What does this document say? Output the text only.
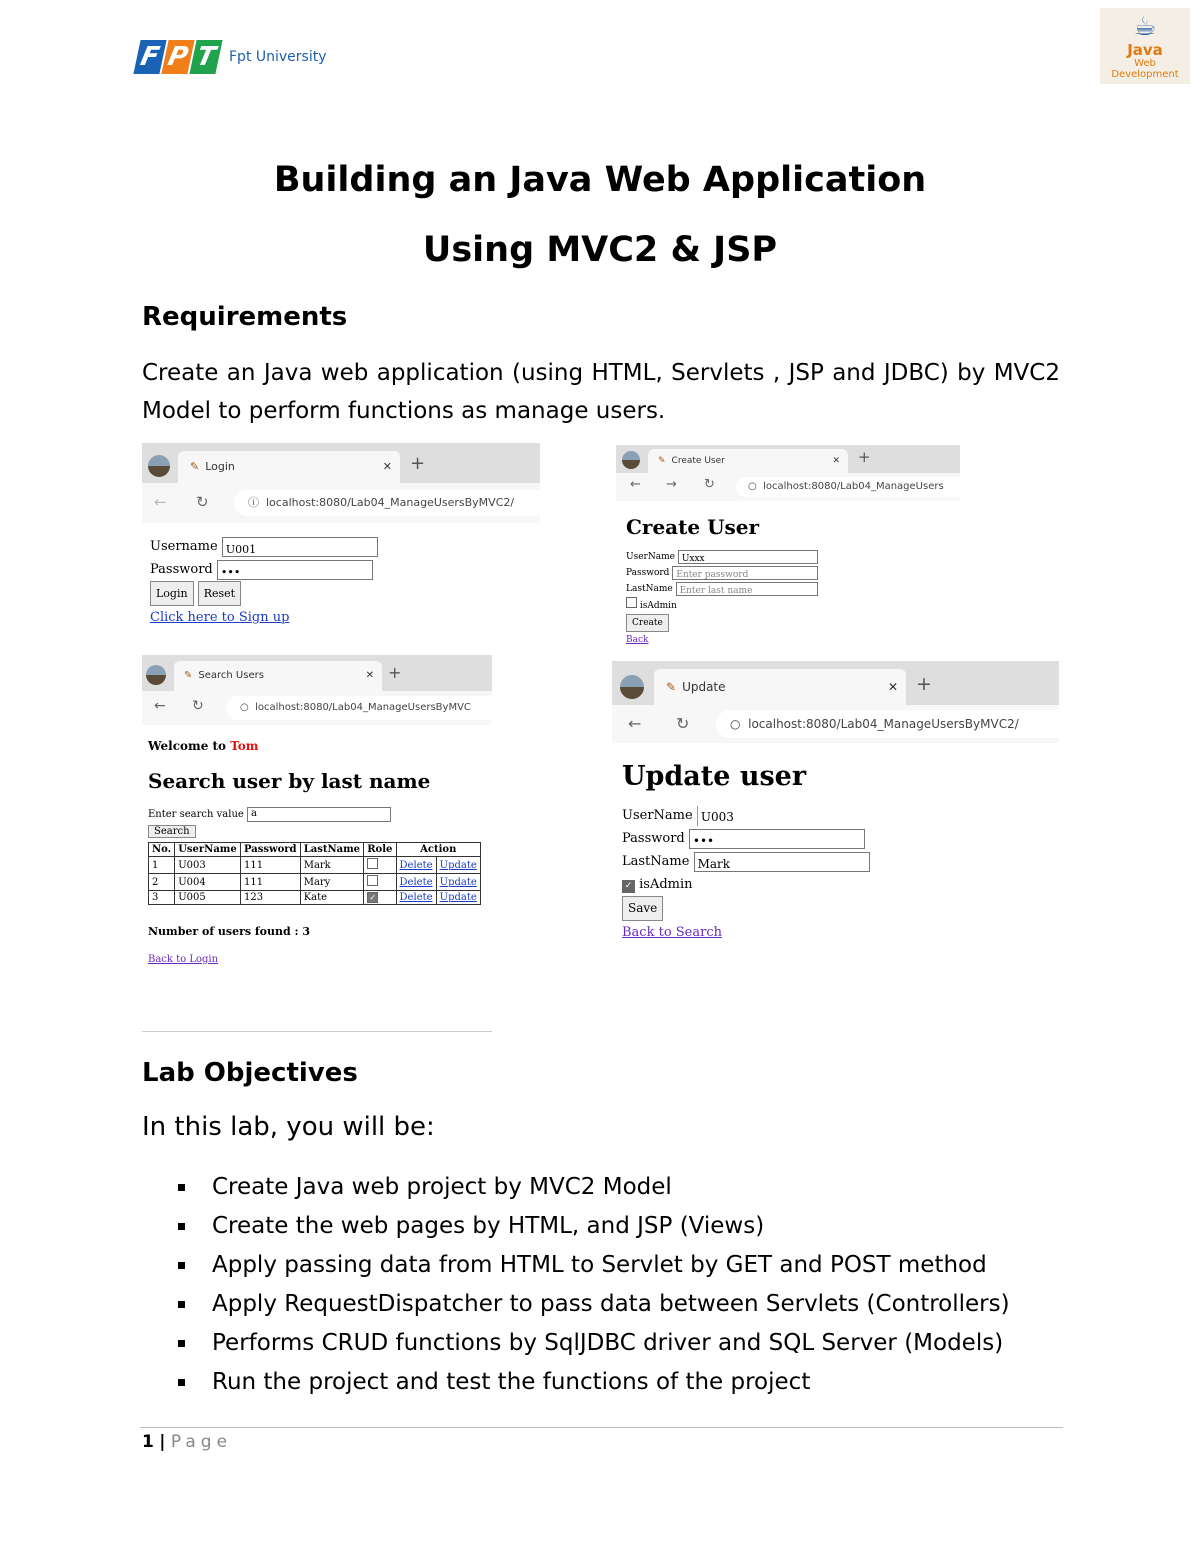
F P T Fpt University
☕
Java
Web Development
Building an Java Web Application
Using MVC2 & JSP
Requirements
Create an Java web application (using HTML, Servlets , JSP and JDBC) by MVC2 Model to perform functions as manage users.
✎ Login	✕ +
← ↻	ⓘ  localhost:8080/Lab04_ManageUsersByMVC2/
Username U001
Password •••
Login Reset
Click here to Sign up
✎ Create User	✕ +
← → ↻	○  localhost:8080/Lab04_ManageUsers
Create User
UserName Uxxx
Password Enter password
LastName Enter last name
isAdmin
Create
Back
✎ Search Users	✕ +
← ↻	○  localhost:8080/Lab04_ManageUsersByMVC
Welcome to Tom
Search user by last name
Enter search value a
Search
No.	UserName	Password	LastName	Role	Action	
1	U003	111	Mark		Delete	Update
2	U004	111	Mary		Delete	Update
3	U005	123	Kate	✓	Delete	Update
Number of users found : 3
Back to Login
✎ Update	✕ +
← ↻	○  localhost:8080/Lab04_ManageUsersByMVC2/
Update user
UserName U003
Password •••
LastName Mark
✓ isAdmin
Save
Back to Search
Lab Objectives
In this lab, you will be:
Create Java web project by MVC2 Model
Create the web pages by HTML, and JSP (Views)
Apply passing data from HTML to Servlet by GET and POST method
Apply RequestDispatcher to pass data between Servlets (Controllers)
Performs CRUD functions by SqlJDBC driver and SQL Server (Models)
Run the project and test the functions of the project
1 | Page
